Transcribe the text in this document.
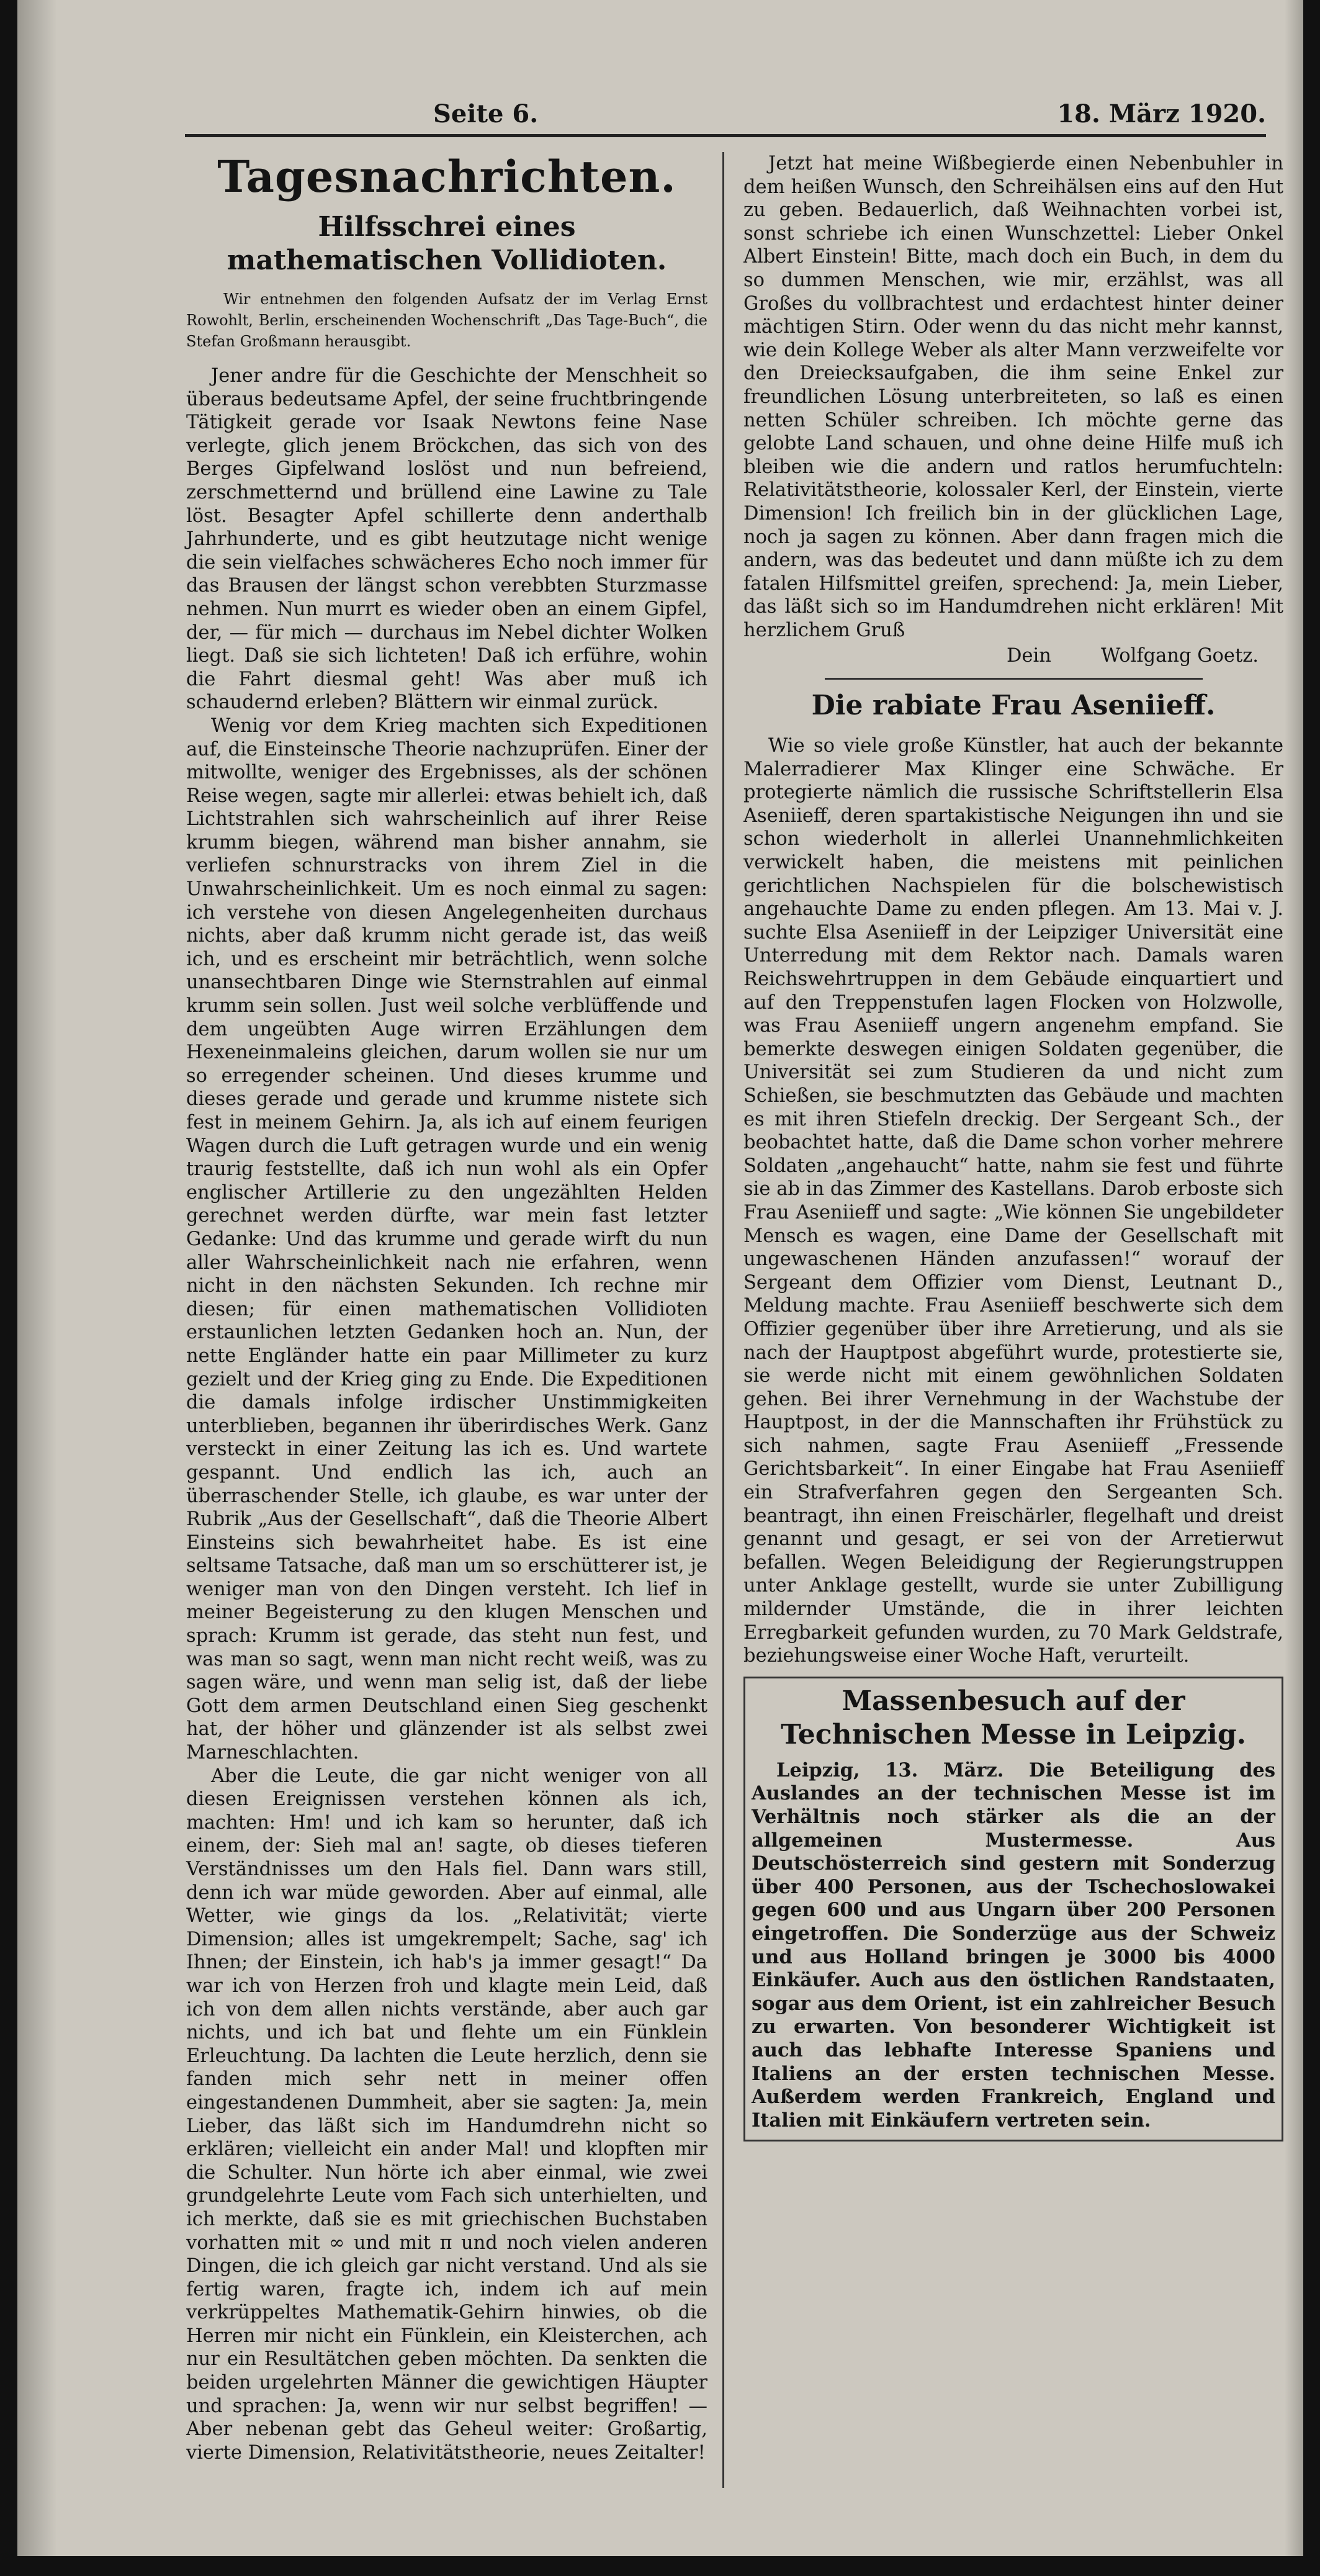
Seite 6.	18. März 1920.
Tagesnachrichten.
Hilfsschrei eines mathematischen Vollidioten.

Wir entnehmen den folgenden Aufsatz der im Verlag Ernst Rowohlt, Berlin, erscheinenden Wochenschrift „Das Tage-Buch“, die Stefan Großmann herausgibt.

Jener andre für die Geschichte der Menschheit so überaus bedeutsame Apfel, der seine fruchtbringende Tätigkeit gerade vor Isaak Newtons feine Nase verlegte, glich jenem Bröckchen, das sich von des Berges Gipfelwand loslöst und nun befreiend, zerschmetternd und brüllend eine Lawine zu Tale löst. Besagter Apfel schillerte denn anderthalb Jahrhunderte, und es gibt heutzutage nicht wenige die sein vielfaches schwächeres Echo noch immer für das Brausen der längst schon verebbten Sturzmasse nehmen. Nun murrt es wieder oben an einem Gipfel, der, — für mich — durchaus im Nebel dichter Wolken liegt. Daß sie sich lichteten! Daß ich erführe, wohin die Fahrt diesmal geht! Was aber muß ich schaudernd erleben? Blättern wir einmal zurück.

Wenig vor dem Krieg machten sich Expeditionen auf, die Einsteinsche Theorie nachzuprüfen. Einer der mitwollte, weniger des Ergebnisses, als der schönen Reise wegen, sagte mir allerlei: etwas behielt ich, daß Lichtstrahlen sich wahrscheinlich auf ihrer Reise krumm biegen, während man bisher annahm, sie verliefen schnurstracks von ihrem Ziel in die Unwahrscheinlichkeit. Um es noch einmal zu sagen: ich verstehe von diesen Angelegenheiten durchaus nichts, aber daß krumm nicht gerade ist, das weiß ich, und es erscheint mir beträchtlich, wenn solche unansechtbaren Dinge wie Sternstrahlen auf einmal krumm sein sollen. Just weil solche verblüffende und dem ungeübten Auge wirren Erzählungen dem Hexeneinmaleins gleichen, darum wollen sie nur um so erregender scheinen. Und dieses krumme und dieses gerade und gerade und krumme nistete sich fest in meinem Gehirn. Ja, als ich auf einem feurigen Wagen durch die Luft getragen wurde und ein wenig traurig feststellte, daß ich nun wohl als ein Opfer englischer Artillerie zu den ungezählten Helden gerechnet werden dürfte, war mein fast letzter Gedanke: Und das krumme und gerade wirft du nun aller Wahrscheinlichkeit nach nie erfahren, wenn nicht in den nächsten Sekunden. Ich rechne mir diesen; für einen mathematischen Vollidioten erstaunlichen letzten Gedanken hoch an. Nun, der nette Engländer hatte ein paar Millimeter zu kurz gezielt und der Krieg ging zu Ende. Die Expeditionen die damals infolge irdischer Unstimmigkeiten unterblieben, begannen ihr überirdisches Werk. Ganz versteckt in einer Zeitung las ich es. Und wartete gespannt. Und endlich las ich, auch an überraschender Stelle, ich glaube, es war unter der Rubrik „Aus der Gesellschaft“, daß die Theorie Albert Einsteins sich bewahrheitet habe. Es ist eine seltsame Tatsache, daß man um so erschütterer ist, je weniger man von den Dingen versteht. Ich lief in meiner Begeisterung zu den klugen Menschen und sprach: Krumm ist gerade, das steht nun fest, und was man so sagt, wenn man nicht recht weiß, was zu sagen wäre, und wenn man selig ist, daß der liebe Gott dem armen Deutschland einen Sieg geschenkt hat, der höher und glänzender ist als selbst zwei Marneschlachten.

Aber die Leute, die gar nicht weniger von all diesen Ereignissen verstehen können als ich, machten: Hm! und ich kam so herunter, daß ich einem, der: Sieh mal an! sagte, ob dieses tieferen Verständnisses um den Hals fiel. Dann wars still, denn ich war müde geworden. Aber auf einmal, alle Wetter, wie gings da los. „Relativität; vierte Dimension; alles ist umgekrempelt; Sache, sag' ich Ihnen; der Einstein, ich hab's ja immer gesagt!“ Da war ich von Herzen froh und klagte mein Leid, daß ich von dem allen nichts verstände, aber auch gar nichts, und ich bat und flehte um ein Fünklein Erleuchtung. Da lachten die Leute herzlich, denn sie fanden mich sehr nett in meiner offen eingestandenen Dummheit, aber sie sagten: Ja, mein Lieber, das läßt sich im Handumdrehn nicht so erklären; vielleicht ein ander Mal! und klopften mir die Schulter. Nun hörte ich aber einmal, wie zwei grundgelehrte Leute vom Fach sich unterhielten, und ich merkte, daß sie es mit griechischen Buchstaben vorhatten mit ∞ und mit π und noch vielen anderen Dingen, die ich gleich gar nicht verstand. Und als sie fertig waren, fragte ich, indem ich auf mein verkrüppeltes Mathematik-Gehirn hinwies, ob die Herren mir nicht ein Fünklein, ein Kleisterchen, ach nur ein Resultätchen geben möchten. Da senkten die beiden urgelehrten Männer die gewichtigen Häupter und sprachen: Ja, wenn wir nur selbst begriffen! — Aber nebenan gebt das Geheul weiter: Großartig, vierte Dimension, Relativitätstheorie, neues Zeitalter!

Jetzt hat meine Wißbegierde einen Nebenbuhler in dem heißen Wunsch, den Schreihälsen eins auf den Hut zu geben. Bedauerlich, daß Weihnachten vorbei ist, sonst schriebe ich einen Wunschzettel: Lieber Onkel Albert Einstein! Bitte, mach doch ein Buch, in dem du so dummen Menschen, wie mir, erzählst, was all Großes du vollbrachtest und erdachtest hinter deiner mächtigen Stirn. Oder wenn du das nicht mehr kannst, wie dein Kollege Weber als alter Mann verzweifelte vor den Dreiecksaufgaben, die ihm seine Enkel zur freundlichen Lösung unterbreiteten, so laß es einen netten Schüler schreiben. Ich möchte gerne das gelobte Land schauen, und ohne deine Hilfe muß ich bleiben wie die andern und ratlos herumfuchteln: Relativitätstheorie, kolossaler Kerl, der Einstein, vierte Dimension! Ich freilich bin in der glücklichen Lage, noch ja sagen zu können. Aber dann fragen mich die andern, was das bedeutet und dann müßte ich zu dem fatalen Hilfsmittel greifen, sprechend: Ja, mein Lieber, das läßt sich so im Handumdrehen nicht erklären! Mit herzlichem Gruß

Dein	Wolfgang Goetz.
Die rabiate Frau Aseniieff.

Wie so viele große Künstler, hat auch der bekannte Malerradierer Max Klinger eine Schwäche. Er protegierte nämlich die russische Schriftstellerin Elsa Aseniieff, deren spartakistische Neigungen ihn und sie schon wiederholt in allerlei Unannehmlichkeiten verwickelt haben, die meistens mit peinlichen gerichtlichen Nachspielen für die bolschewistisch angehauchte Dame zu enden pflegen. Am 13. Mai v. J. suchte Elsa Aseniieff in der Leipziger Universität eine Unterredung mit dem Rektor nach. Damals waren Reichswehrtruppen in dem Gebäude einquartiert und auf den Treppenstufen lagen Flocken von Holzwolle, was Frau Aseniieff ungern angenehm empfand. Sie bemerkte deswegen einigen Soldaten gegenüber, die Universität sei zum Studieren da und nicht zum Schießen, sie beschmutzten das Gebäude und machten es mit ihren Stiefeln dreckig. Der Sergeant Sch., der beobachtet hatte, daß die Dame schon vorher mehrere Soldaten „angehaucht“ hatte, nahm sie fest und führte sie ab in das Zimmer des Kastellans. Darob erboste sich Frau Aseniieff und sagte: „Wie können Sie ungebildeter Mensch es wagen, eine Dame der Gesellschaft mit ungewaschenen Händen anzufassen!“ worauf der Sergeant dem Offizier vom Dienst, Leutnant D., Meldung machte. Frau Aseniieff beschwerte sich dem Offizier gegenüber über ihre Arretierung, und als sie nach der Hauptpost abgeführt wurde, protestierte sie, sie werde nicht mit einem gewöhnlichen Soldaten gehen. Bei ihrer Vernehmung in der Wachstube der Hauptpost, in der die Mannschaften ihr Frühstück zu sich nahmen, sagte Frau Aseniieff „Fressende Gerichtsbarkeit“. In einer Eingabe hat Frau Aseniieff ein Strafverfahren gegen den Sergeanten Sch. beantragt, ihn einen Freischärler, flegelhaft und dreist genannt und gesagt, er sei von der Arretierwut befallen. Wegen Beleidigung der Regierungstruppen unter Anklage gestellt, wurde sie unter Zubilligung mildernder Umstände, die in ihrer leichten Erregbarkeit gefunden wurden, zu 70 Mark Geldstrafe, beziehungsweise einer Woche Haft, verurteilt.

Massenbesuch auf der Technischen Messe in Leipzig.

Leipzig, 13. März. Die Beteiligung des Auslandes an der technischen Messe ist im Verhältnis noch stärker als die an der allgemeinen Mustermesse. Aus Deutschösterreich sind gestern mit Sonderzug über 400 Personen, aus der Tschechoslowakei gegen 600 und aus Ungarn über 200 Personen eingetroffen. Die Sonderzüge aus der Schweiz und aus Holland bringen je 3000 bis 4000 Einkäufer. Auch aus den östlichen Randstaaten, sogar aus dem Orient, ist ein zahlreicher Besuch zu erwarten. Von besonderer Wichtigkeit ist auch das lebhafte Interesse Spaniens und Italiens an der ersten technischen Messe. Außerdem werden Frankreich, England und Italien mit Einkäufern vertreten sein.
